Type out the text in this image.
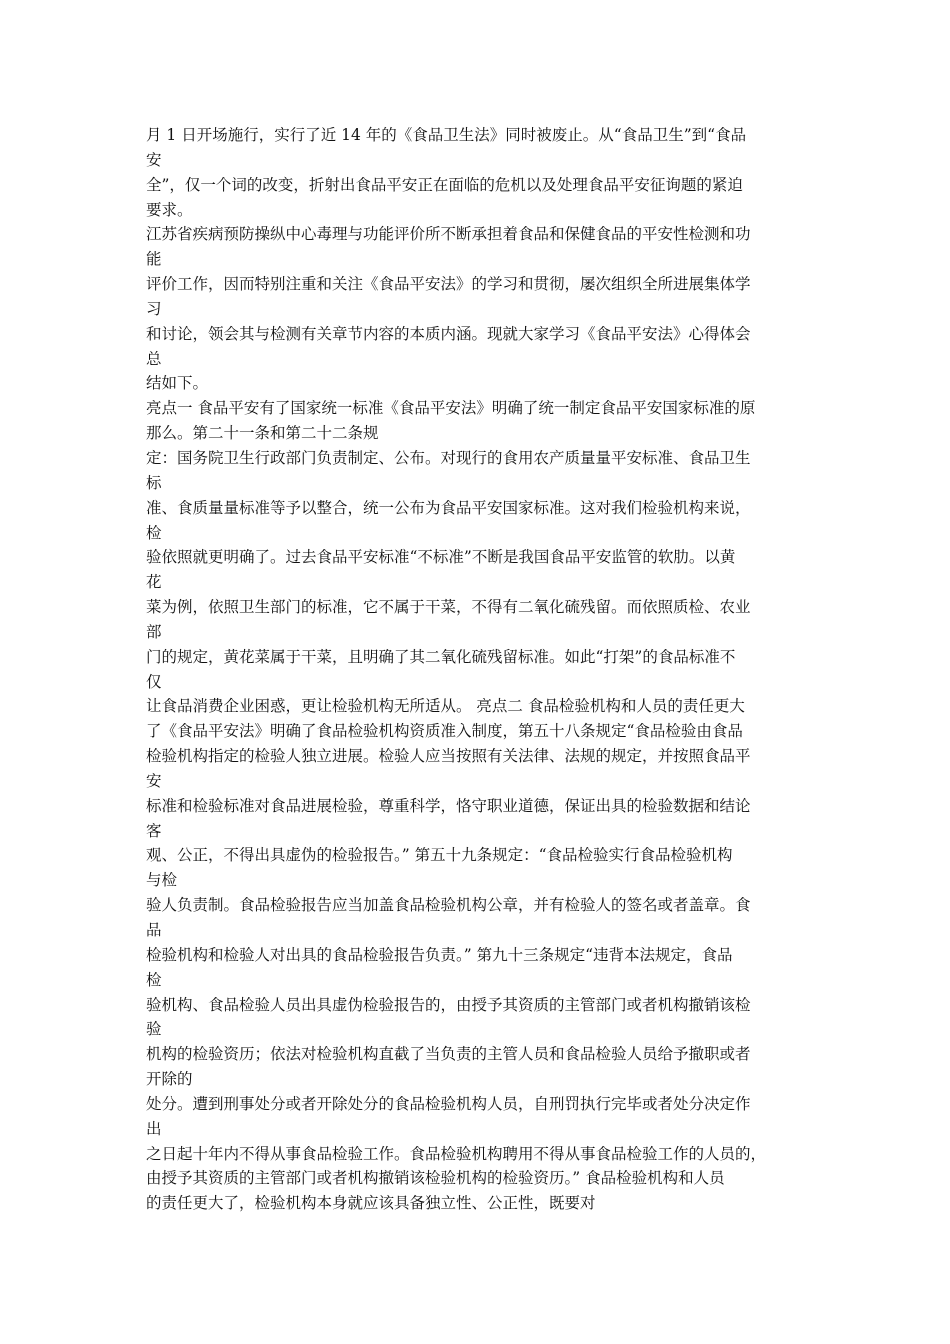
月 1 日开场施行，实行了近 14 年的《食品卫生法》同时被废止。从“食品卫生”到“食品
安
全”，仅一个词的改变，折射出食品平安正在面临的危机以及处理食品平安征询题的紧迫
要求。
江苏省疾病预防操纵中心毒理与功能评价所不断承担着食品和保健食品的平安性检测和功
能
评价工作，因而特别注重和关注《食品平安法》的学习和贯彻，屡次组织全所进展集体学
习
和讨论，领会其与检测有关章节内容的本质内涵。现就大家学习《食品平安法》心得体会
总
结如下。
亮点一 食品平安有了国家统一标准《食品平安法》明确了统一制定食品平安国家标准的原
那么。第二十一条和第二十二条规
定：国务院卫生行政部门负责制定、公布。对现行的食用农产质量量平安标准、食品卫生
标
准、食质量量标准等予以整合，统一公布为食品平安国家标准。这对我们检验机构来说，
检
验依照就更明确了。过去食品平安标准“不标准”不断是我国食品平安监管的软肋。以黄
花
菜为例，依照卫生部门的标准，它不属于干菜，不得有二氧化硫残留。而依照质检、农业
部
门的规定，黄花菜属于干菜，且明确了其二氧化硫残留标准。如此“打架”的食品标准不
仅
让食品消费企业困惑，更让检验机构无所适从。 亮点二 食品检验机构和人员的责任更大
了《食品平安法》明确了食品检验机构资质准入制度，第五十八条规定“食品检验由食品
检验机构指定的检验人独立进展。检验人应当按照有关法律、法规的规定，并按照食品平
安
标准和检验标准对食品进展检验，尊重科学，恪守职业道德，保证出具的检验数据和结论
客
观、公正，不得出具虚伪的检验报告。” 第五十九条规定：“食品检验实行食品检验机构
与检
验人负责制。食品检验报告应当加盖食品检验机构公章，并有检验人的签名或者盖章。食
品
检验机构和检验人对出具的食品检验报告负责。” 第九十三条规定“违背本法规定，食品
检
验机构、食品检验人员出具虚伪检验报告的，由授予其资质的主管部门或者机构撤销该检
验
机构的检验资历；依法对检验机构直截了当负责的主管人员和食品检验人员给予撤职或者
开除的
处分。遭到刑事处分或者开除处分的食品检验机构人员，自刑罚执行完毕或者处分决定作
出
之日起十年内不得从事食品检验工作。食品检验机构聘用不得从事食品检验工作的人员的，
由授予其资质的主管部门或者机构撤销该检验机构的检验资历。” 食品检验机构和人员
的责任更大了，检验机构本身就应该具备独立性、公正性，既要对
